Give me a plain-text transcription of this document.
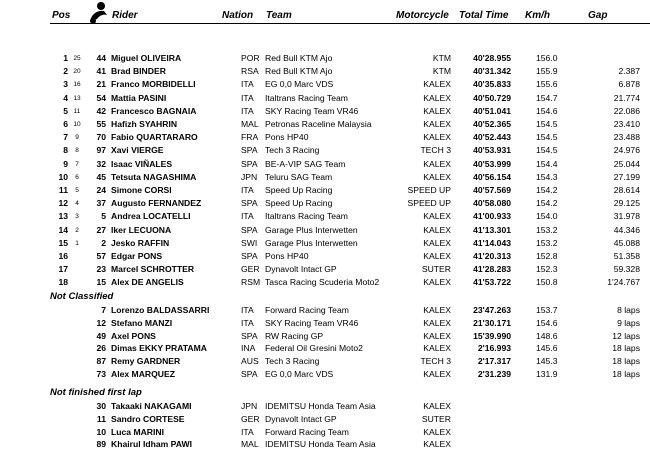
Pos	Rider	Nation Team	Motorcycle Total Time Km/h	Gap
1 25	44 Miguel OLIVEIRA	POR Red Bull KTM Ajo	KTM	40'28.955	156.0
2 20	41 Brad BINDER	RSA Red Bull KTM Ajo	KTM	40'31.342	155.9	2.387
3 16	21 Franco MORBIDELLI	ITA EG 0,0 Marc VDS	KALEX	40'35.833	155.6	6.878
4 13	54 Mattia PASINI	ITA Italtrans Racing Team	KALEX	40'50.729	154.7	21.774
5 11	42 Francesco BAGNAIA	ITA SKY Racing Team VR46	KALEX	40'51.041	154.6	22.086
6 10	55 Hafizh SYAHRIN	MAL Petronas Raceline Malaysia	KALEX	40'52.365	154.5	23.410
7	9	70 Fabio QUARTARARO	FRA Pons HP40	KALEX	40'52.443	154.5	23.488
8	8	97 Xavi VIERGE	SPA Tech 3 Racing	TECH 3	40'53.931	154.5	24.976
9	7	32 Isaac VIÑALES	SPA BE-A-VIP SAG Team	KALEX	40'53.999	154.4	25.044
10	6	45 Tetsuta NAGASHIMA	JPN Teluru SAG Team	KALEX	40'56.154	154.3	27.199
11	5	24 Simone CORSI	ITA Speed Up Racing	SPEED UP	40'57.569	154.2	28.614
12	4	37 Augusto FERNANDEZ	SPA Speed Up Racing	SPEED UP	40'58.080	154.2	29.125
13	3	5 Andrea LOCATELLI	ITA Italtrans Racing Team	KALEX	41'00.933	154.0	31.978
14	2	27 Iker LECUONA	SPA Garage Plus Interwetten	KALEX	41'13.301	153.2	44.346
15	1	2 Jesko RAFFIN	SWI Garage Plus Interwetten	KALEX	41'14.043	153.2	45.088
16	57 Edgar PONS	SPA Pons HP40	KALEX	41'20.313	152.8	51.358
17	23 Marcel SCHROTTER	GER Dynavolt Intact GP	SUTER	41'28.283	152.3	59.328
18	15 Alex DE ANGELIS	RSM Tasca Racing Scuderia Moto2	KALEX	41'53.722	150.8	1'24.767
Not Classified
7 Lorenzo BALDASSARRI	ITA Forward Racing Team	KALEX	23'47.263	153.7	8 laps
12 Stefano MANZI	ITA SKY Racing Team VR46	KALEX	21'30.171	154.6	9 laps
49 Axel PONS	SPA RW Racing GP	KALEX	15'39.990	148.6	12 laps
26 Dimas EKKY PRATAMA	INA Federal Oil Gresini Moto2	KALEX	2'16.993	145.6	18 laps
87 Remy GARDNER	AUS Tech 3 Racing	TECH 3	2'17.317	145.3	18 laps
73 Alex MARQUEZ	SPA EG 0,0 Marc VDS	KALEX	2'31.239	131.9	18 laps
Not finished first lap
30 Takaaki NAKAGAMI	JPN IDEMITSU Honda Team Asia	KALEX
11 Sandro CORTESE	GER Dynavolt Intact GP	SUTER
10 Luca MARINI	ITA Forward Racing Team	KALEX
89 Khairul Idham PAWI	MAL IDEMITSU Honda Team Asia	KALEX
